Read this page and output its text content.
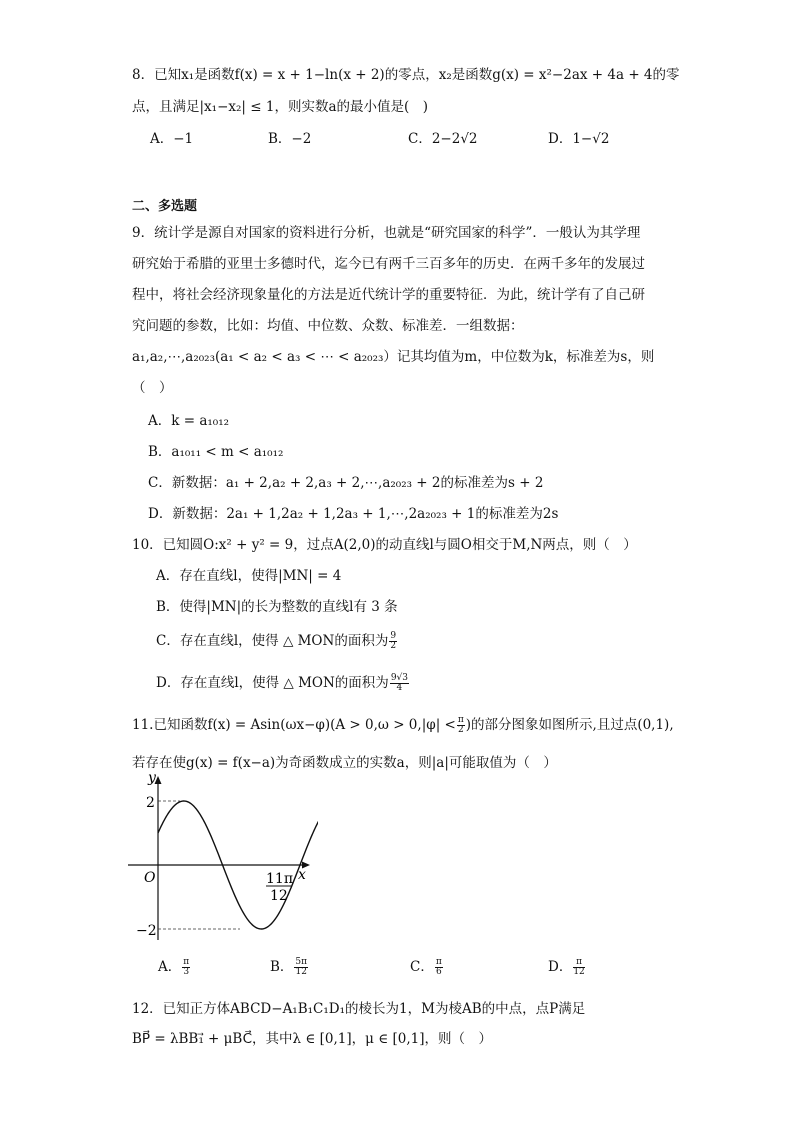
8．已知x₁是函数f(x) = x + 1−ln(x + 2)的零点，x₂是函数g(x) = x²−2ax + 4a + 4的零
点，且满足|x₁−x₂| ≤ 1，则实数a的最小值是(　)
A．−1	B．−2	C．2−2√2	D．1−√2
二、多选题
9．统计学是源自对国家的资料进行分析，也就是“研究国家的科学”．一般认为其学理
研究始于希腊的亚里士多德时代，迄今已有两千三百多年的历史．在两千多年的发展过
程中，将社会经济现象量化的方法是近代统计学的重要特征．为此，统计学有了自己研
究问题的参数，比如：均值、中位数、众数、标准差．一组数据：
a₁,a₂,⋯,a₂₀₂₃(a₁ < a₂ < a₃ < ⋯ < a₂₀₂₃）记其均值为m，中位数为k，标准差为s，则
（　）
A．k = a₁₀₁₂
B．a₁₀₁₁ < m < a₁₀₁₂
C．新数据：a₁ + 2,a₂ + 2,a₃ + 2,⋯,a₂₀₂₃ + 2的标准差为s + 2
D．新数据：2a₁ + 1,2a₂ + 1,2a₃ + 1,⋯,2a₂₀₂₃ + 1的标准差为2s
10．已知圆O:x² + y² = 9，过点A(2,0)的动直线l与圆O相交于M,N两点，则（　）
A．存在直线l，使得|MN| = 4
B．使得|MN|的长为整数的直线l有 3 条
C．存在直线l，使得 △ MON的面积为 $\frac{9}{2}$
D．存在直线l，使得 △ MON的面积为 $\frac{9√3}{4}$
11.已知函数$f(x) = Asin(\omega x-\varphi)(A > 0,\omega > 0,|\varphi| < \frac{\pi}{2}$ )的部分图象如图所示,且过点(0,1),
若存在使g(x) = f(x−a)为奇函数成立的实数a，则|a|可能取值为（　）
y
x
O
2
−2
11π
12
A． $\frac{\pi}{3}$	B． $\frac{5\pi}{12}$	C． $\frac{\pi}{6}$	D． $\frac{\pi}{12}$
12．已知正方体ABCD−A₁B₁C₁D₁的棱长为1，M为棱AB的中点，点P满足
BP⃗ = λBB₁⃗ + μBC⃗，其中λ ∈ [0,1]，μ ∈ [0,1]，则（　）
